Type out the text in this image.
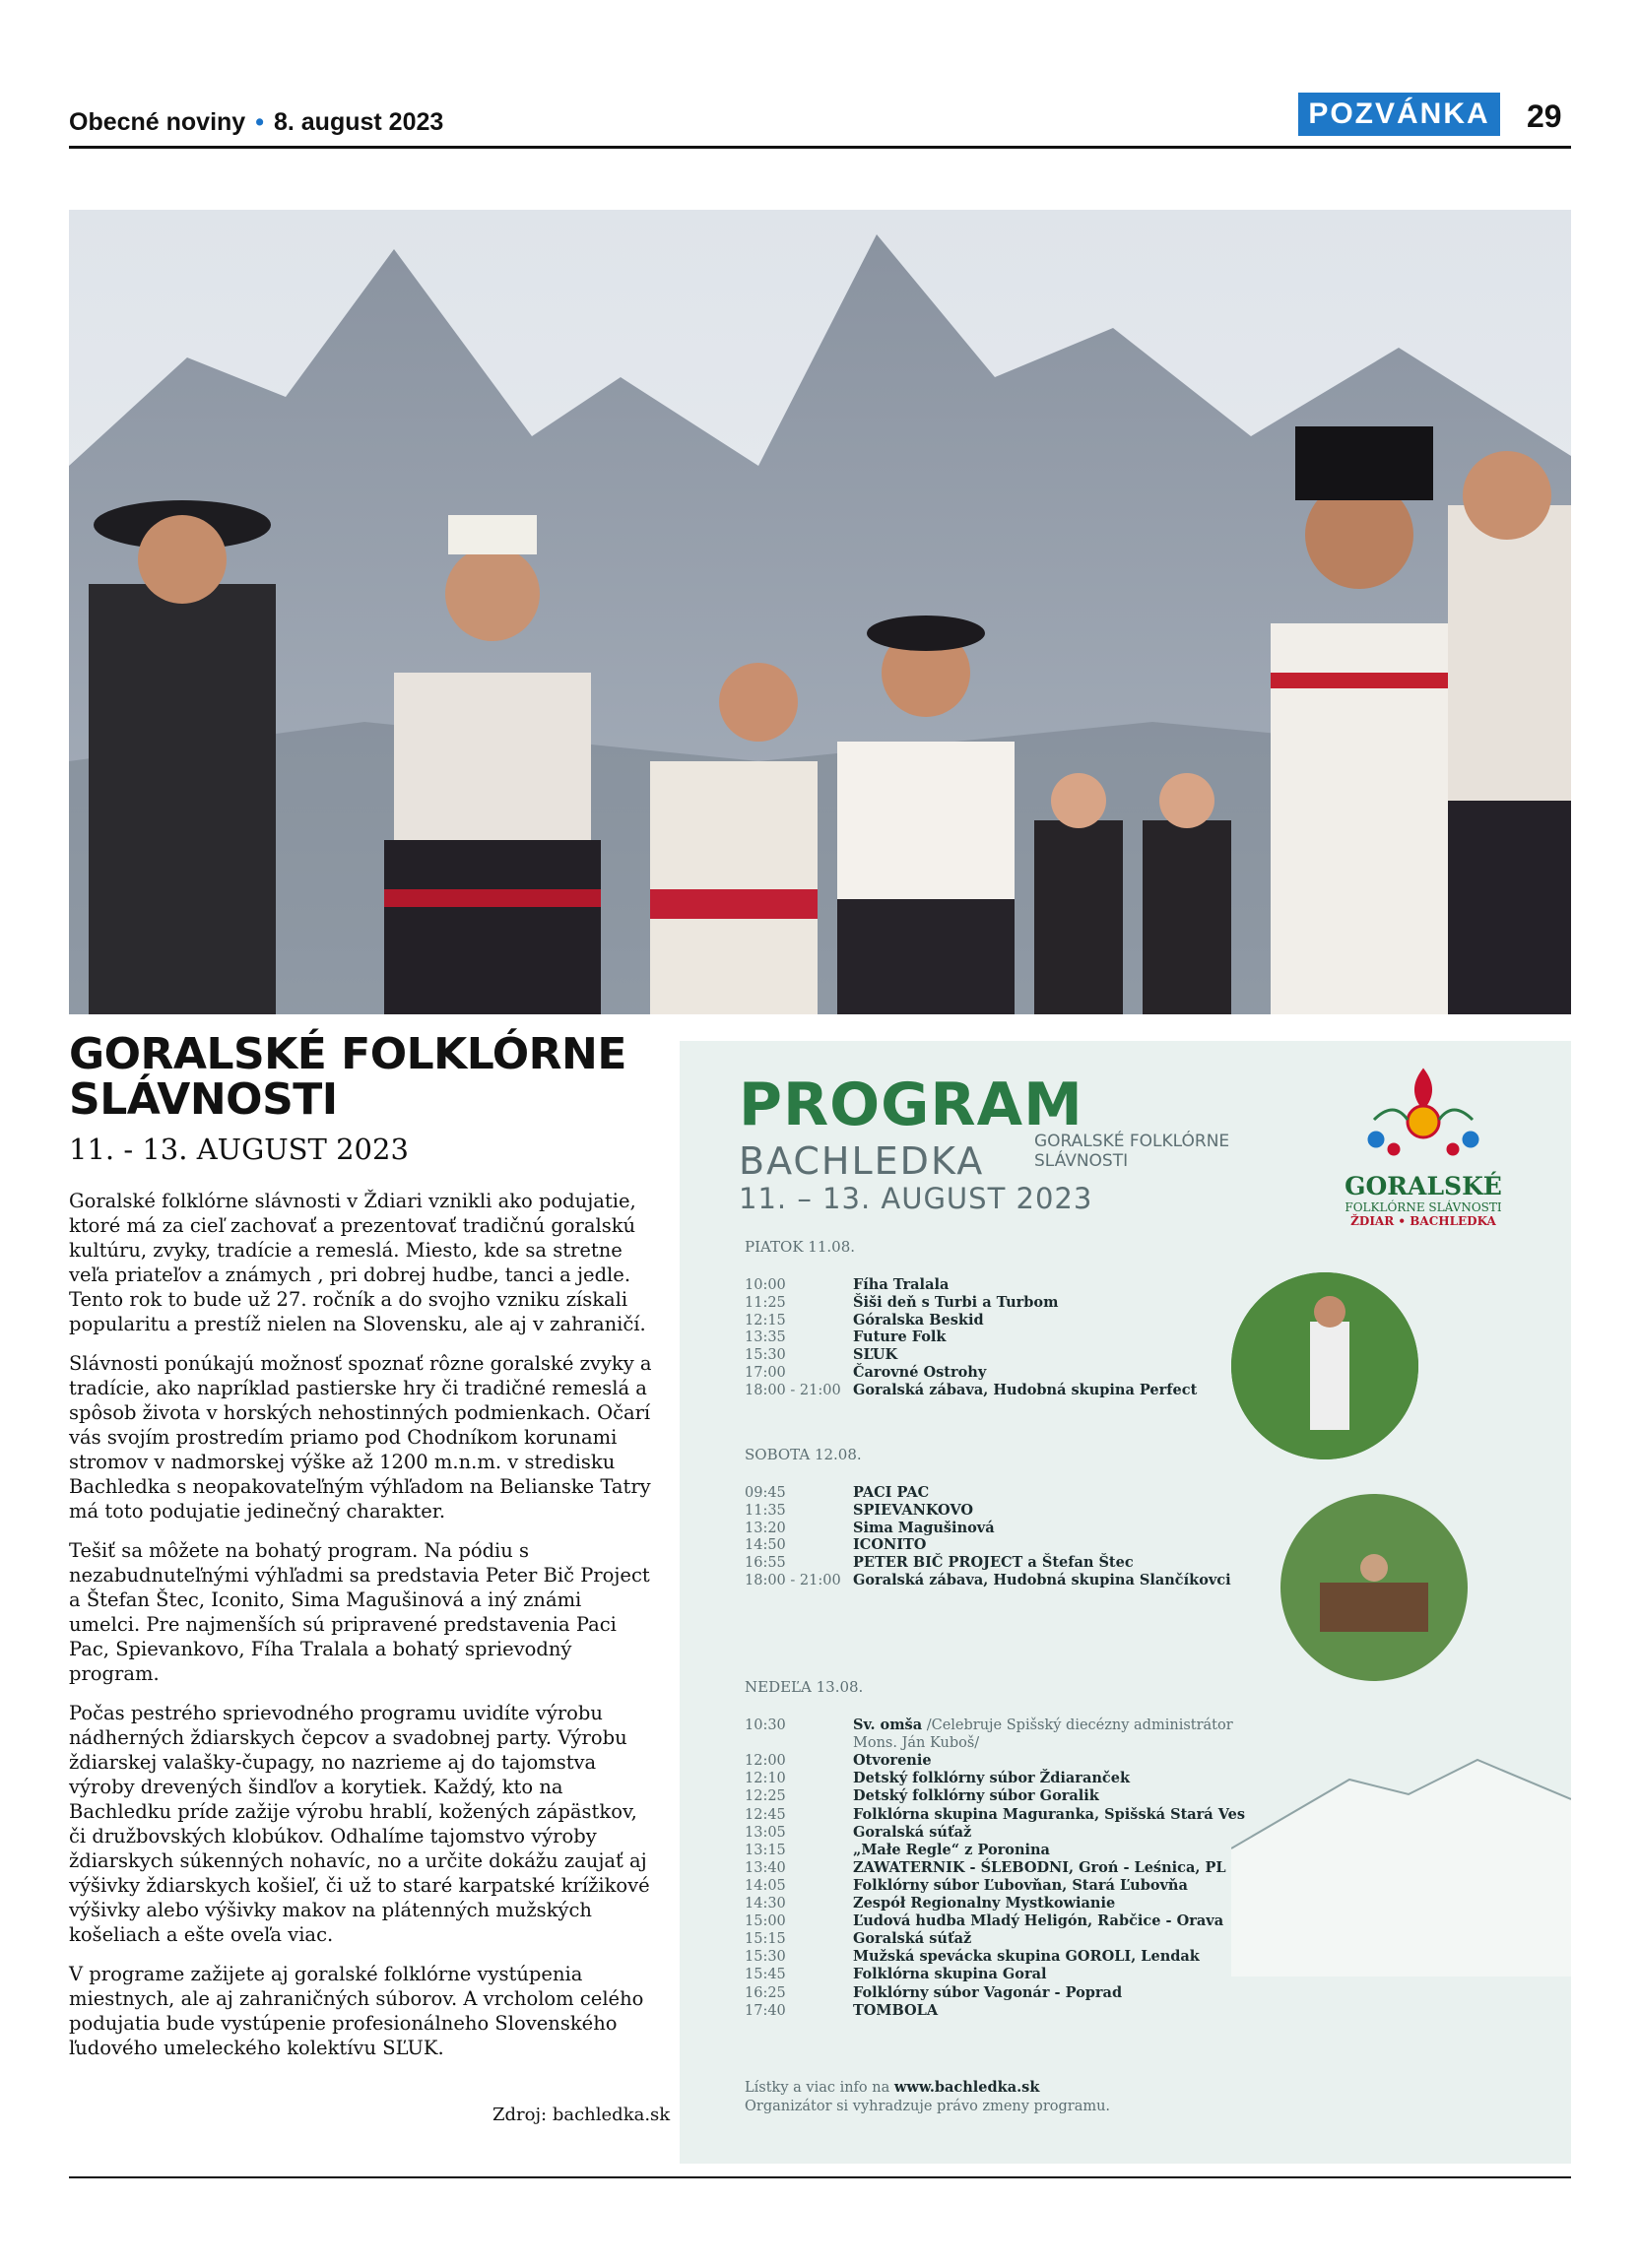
Obecné noviny • 8. august 2023	POZVÁNKA	29
GORALSKÉ FOLKLÓRNE
SLÁVNOSTI
11. - 13. AUGUST 2023

Goralské folklórne slávnosti v Ždiari vznikli ako podujatie, ktoré má za cieľ zachovať a prezentovať tradičnú goralskú kultúru, zvyky, tradície a remeslá. Miesto, kde sa stretne veľa priateľov a známych , pri dobrej hudbe, tanci a jedle. Tento rok to bude už 27. ročník a do svojho vzniku získali popularitu a prestíž nielen na Slovensku, ale aj v zahraničí.

Slávnosti ponúkajú možnosť spoznať rôzne goralské zvyky a tradície, ako napríklad pastierske hry či tradičné remeslá a spôsob života v horských nehostinných podmienkach. Očarí vás svojím prostredím priamo pod Chodníkom korunami stromov v nadmorskej výške až 1200 m.n.m. v stredisku Bachledka s neopakovateľným výhľadom na Belianske Tatry má toto podujatie jedinečný charakter.

Tešiť sa môžete na bohatý program. Na pódiu s nezabudnuteľnými výhľadmi sa predstavia Peter Bič Project a Štefan Štec, Iconito, Sima Magušinová a iný známi umelci. Pre najmenších sú pripravené predstavenia Paci Pac, Spievankovo, Fíha Tralala a bohatý sprievodný program.

Počas pestrého sprievodného programu uvidíte výrobu nádherných ždiarskych čepcov a svadobnej party. Výrobu ždiarskej valašky-čupagy, no nazrieme aj do tajomstva výroby drevených šindľov a korytiek. Každý, kto na Bachledku príde zažije výrobu hrablí, kožených zápästkov, či družbovských klobúkov. Odhalíme tajomstvo výroby ždiarskych súkenných nohavíc, no a určite dokážu zaujať aj výšivky ždiarskych košieľ, či už to staré karpatské krížikové výšivky alebo výšivky makov na plátenných mužských košeliach a ešte oveľa viac.

V programe zažijete aj goralské folklórne vystúpenia miestnych, ale aj zahraničných súborov. A vrcholom celého podujatia bude vystúpenie profesionálneho Slovenského ľudového umeleckého kolektívu SĽUK.

Zdroj: bachledka.sk
PROGRAM
BACHLEDKA	GORALSKÉ FOLKLÓRNE
SLÁVNOSTI
11. – 13. AUGUST 2023	GORALSKÉ
FOLKLÓRNE SLÁVNOSTI
ŽDIAR • BACHLEDKA
PIATOK 11.08.
10:00	Fíha Tralala
11:25	Šiši deň s Turbi a Turbom
12:15	Góralska Beskid
13:35	Future Folk
15:30	SĽUK
17:00	Čarovné Ostrohy
18:00 - 21:00 Goralská zábava, Hudobná skupina Perfect
SOBOTA 12.08.
09:45	PACI PAC
11:35	SPIEVANKOVO
13:20	Sima Magušinová
14:50	ICONITO
16:55	PETER BIČ PROJECT a Štefan Štec
18:00 - 21:00 Goralská zábava, Hudobná skupina Slančíkovci
NEDEĽA 13.08.
10:30	Sv. omša /Celebruje Spišský diecézny administrátor
Mons. Ján Kuboš/
12:00	Otvorenie
12:10	Detský folklórny súbor Ždiaranček
12:25	Detský folklórny súbor Goralik
12:45	Folklórna skupina Maguranka, Spišská Stará Ves
13:05	Goralská súťaž
13:15	„Małe Regle“ z Poronina
13:40	ZAWATERNIK - ŚLEBODNI, Groń - Leśnica, PL
14:05	Folklórny súbor Ľubovňan, Stará Ľubovňa
14:30	Zespół Regionalny Mystkowianie
15:00	Ľudová hudba Mladý Heligón, Rabčice - Orava
15:15	Goralská súťaž
15:30	Mužská spevácka skupina GOROLI, Lendak
15:45	Folklórna skupina Goral
16:25	Folklórny súbor Vagonár - Poprad
17:40	TOMBOLA
Lístky a viac info na www.bachledka.sk
Organizátor si vyhradzuje právo zmeny programu.
